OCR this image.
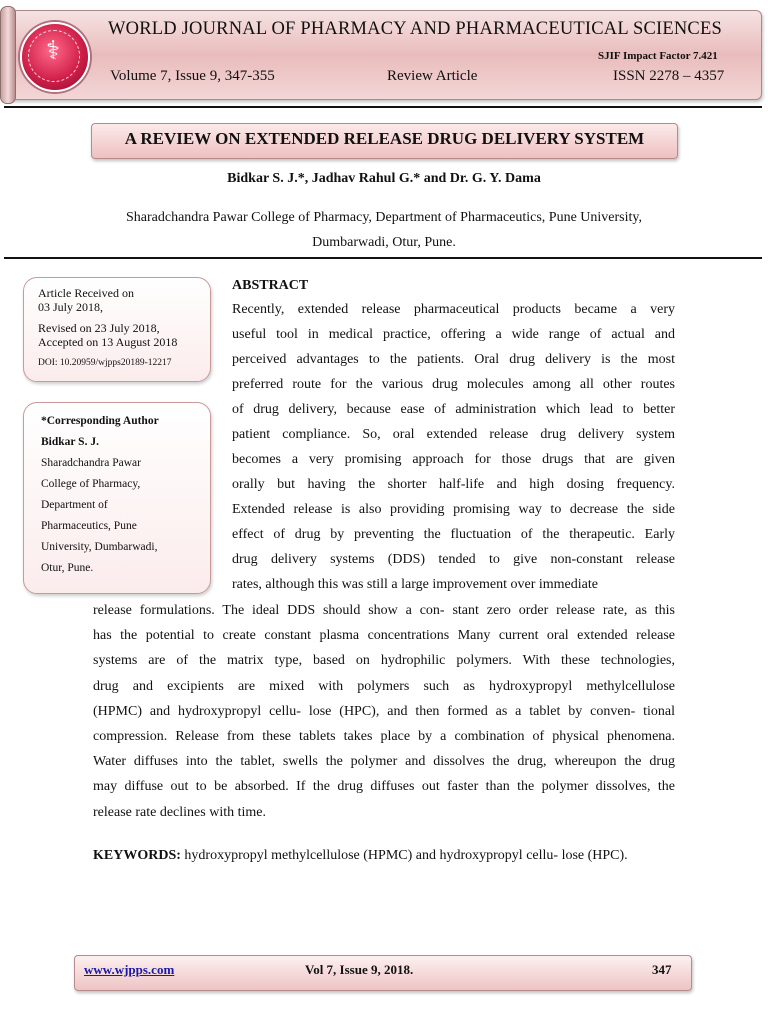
⚕
WORLD JOURNAL OF PHARMACY AND PHARMACEUTICAL SCIENCES
SJIF Impact Factor 7.421
Volume 7, Issue 9, 347-355	Review Article	ISSN 2278 – 4357
A REVIEW ON EXTENDED RELEASE DRUG DELIVERY SYSTEM
Bidkar S. J.*, Jadhav Rahul G.* and Dr. G. Y. Dama
Sharadchandra Pawar College of Pharmacy, Department of Pharmaceutics, Pune University,
Dumbarwadi, Otur, Pune.
Article Received on
03 July 2018,
Revised on 23 July 2018,
Accepted on 13 August 2018
DOI: 10.20959/wjpps20189-12217
*Corresponding Author
Bidkar S. J.
Sharadchandra Pawar
College of Pharmacy,
Department of
Pharmaceutics, Pune
University, Dumbarwadi,
Otur, Pune.
ABSTRACT
Recently, extended release pharmaceutical products became a very
useful tool in medical practice, offering a wide range of actual and
perceived advantages to the patients. Oral drug delivery is the most
preferred route for the various drug molecules among all other routes
of drug delivery, because ease of administration which lead to better
patient compliance. So, oral extended release drug delivery system
becomes a very promising approach for those drugs that are given
orally but having the shorter half-life and high dosing frequency.
Extended release is also providing promising way to decrease the side
effect of drug by preventing the fluctuation of the therapeutic. Early
drug delivery systems (DDS) tended to give non-constant release
rates, although this was still a large improvement over immediate
release formulations. The ideal DDS should show a con- stant zero order release rate, as this
has the potential to create constant plasma concentrations Many current oral extended release
systems are of the matrix type, based on hydrophilic polymers. With these technologies,
drug and excipients are mixed with polymers such as hydroxypropyl methylcellulose
(HPMC) and hydroxypropyl cellu- lose (HPC), and then formed as a tablet by conven- tional
compression. Release from these tablets takes place by a combination of physical phenomena.
Water diffuses into the tablet, swells the polymer and dissolves the drug, whereupon the drug
may diffuse out to be absorbed. If the drug diffuses out faster than the polymer dissolves, the
release rate declines with time.
KEYWORDS: hydroxypropyl methylcellulose (HPMC) and hydroxypropyl cellu- lose (HPC).
www.wjpps.com	Vol 7, Issue 9, 2018.	347
